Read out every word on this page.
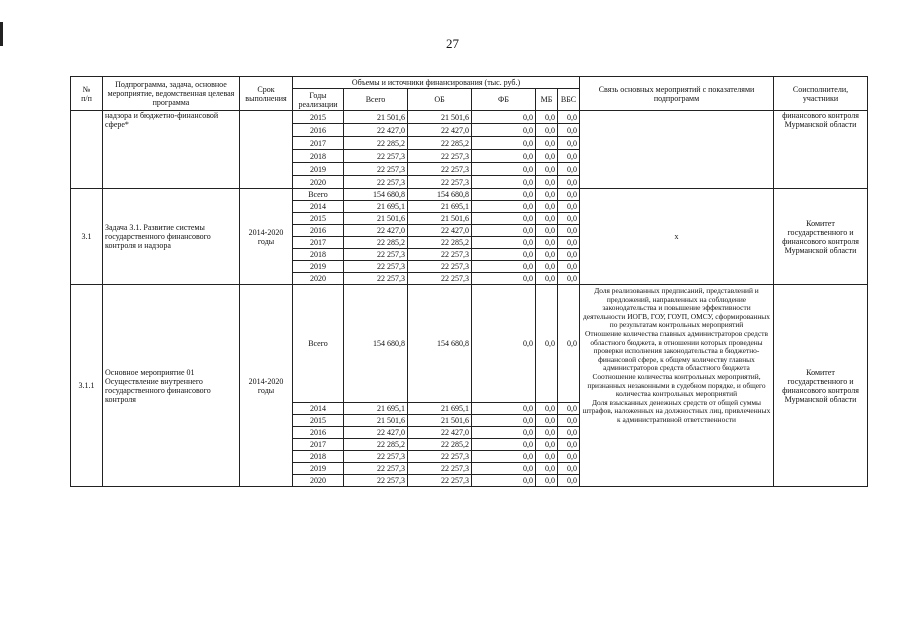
27
№
п/п	Подпрограмма, задача, основное мероприятие, ведомственная целевая программа	Срок выполнения	Объемы и источники финансирования (тыс. руб.)						Связь основных мероприятий с показателями подпрограмм	Соисполнители, участники
			Годы реализации	Всего	ОБ	ФБ	МБ	ВБС		
	надзора и бюджетно-финансовой сфере*		2015	21 501,6	21 501,6	0,0	0,0	0,0		финансового контроля Мурманской области
			2016	22 427,0	22 427,0	0,0	0,0	0,0		
			2017	22 285,2	22 285,2	0,0	0,0	0,0		
			2018	22 257,3	22 257,3	0,0	0,0	0,0		
			2019	22 257,3	22 257,3	0,0	0,0	0,0		
			2020	22 257,3	22 257,3	0,0	0,0	0,0		
3.1	Задача 3.1. Развитие системы государственного финансового контроля и надзора	2014-2020 годы	Всего	154 680,8	154 680,8	0,0	0,0	0,0	х	Комитет государственного и финансового контроля Мурманской области
			2014	21 695,1	21 695,1	0,0	0,0	0,0		
			2015	21 501,6	21 501,6	0,0	0,0	0,0		
			2016	22 427,0	22 427,0	0,0	0,0	0,0		
			2017	22 285,2	22 285,2	0,0	0,0	0,0		
			2018	22 257,3	22 257,3	0,0	0,0	0,0		
			2019	22 257,3	22 257,3	0,0	0,0	0,0		
			2020	22 257,3	22 257,3	0,0	0,0	0,0		
3.1.1	Основное мероприятие 01 Осуществление внутреннего государственного финансового контроля	2014-2020 годы	Всего	154 680,8	154 680,8	0,0	0,0	0,0	Доля реализованных предписаний, представлений и предложений, направленных на соблюдение законодательства и повышение эффективности деятельности ИОГВ, ГОУ, ГОУП, ОМСУ, сформированных по результатам контрольных мероприятий
Отношение количества главных администраторов средств областного бюджета, в отношении которых проведены проверки исполнения законодательства в бюджетно-финансовой сфере, к общему количеству главных администраторов средств областного бюджета
Соотношение количества контрольных мероприятий, признанных незаконными в судебном порядке, и общего количества контрольных мероприятий
Доля взысканных денежных средств от общей суммы штрафов, наложенных на должностных лиц, привлеченных к административной ответственности	Комитет государственного и финансового контроля Мурманской области
			2014	21 695,1	21 695,1	0,0	0,0	0,0		
			2015	21 501,6	21 501,6	0,0	0,0	0,0		
			2016	22 427,0	22 427,0	0,0	0,0	0,0		
			2017	22 285,2	22 285,2	0,0	0,0	0,0		
			2018	22 257,3	22 257,3	0,0	0,0	0,0		
			2019	22 257,3	22 257,3	0,0	0,0	0,0		
			2020	22 257,3	22 257,3	0,0	0,0	0,0		
